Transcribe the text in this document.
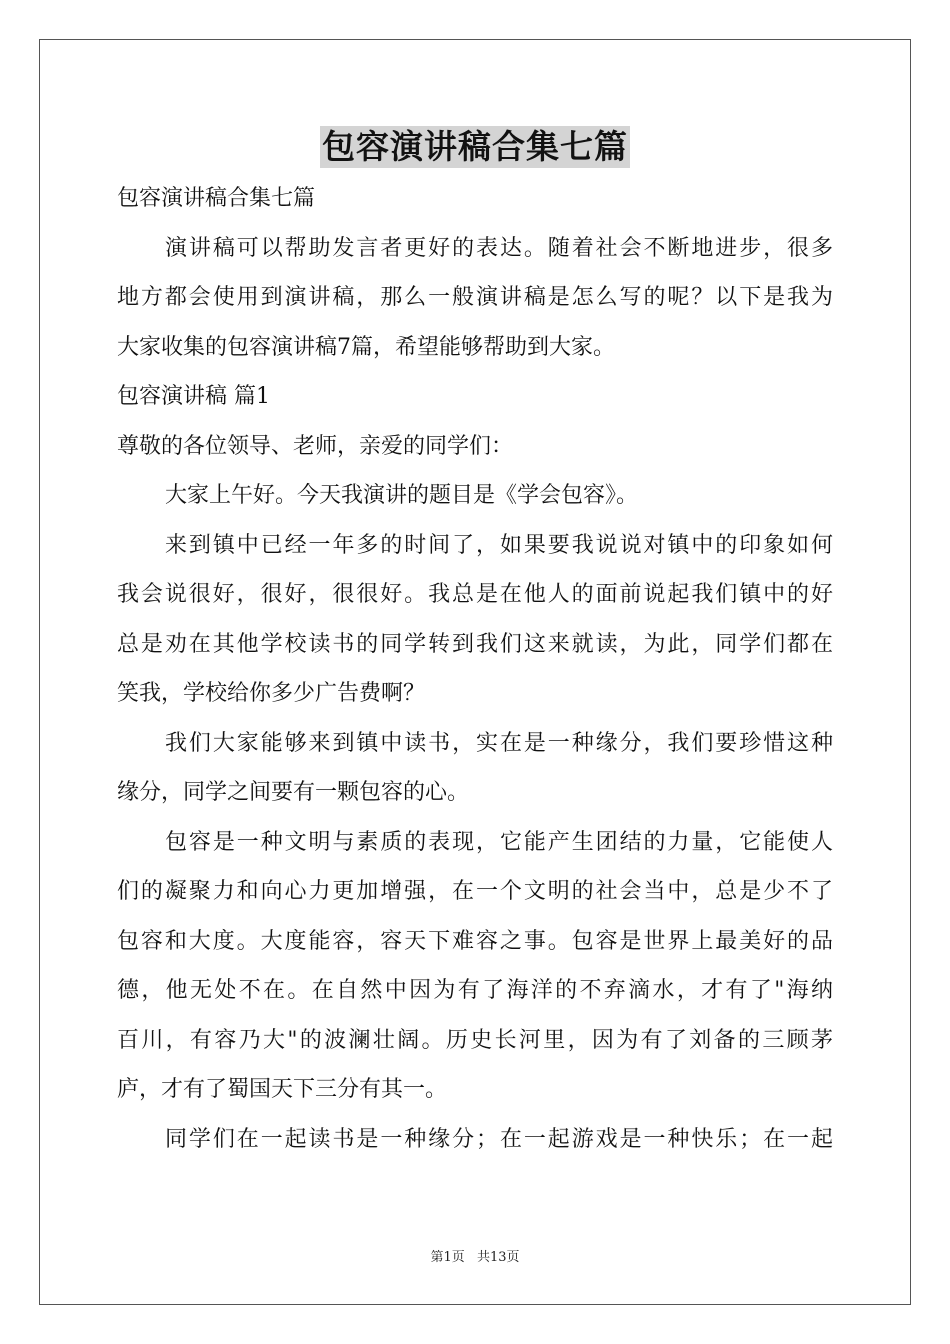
包容演讲稿合集七篇
包容演讲稿合集七篇
演讲稿可以帮助发言者更好的表达。随着社会不断地进步，很多
地方都会使用到演讲稿，那么一般演讲稿是怎么写的呢？以下是我为
大家收集的包容演讲稿7篇，希望能够帮助到大家。
包容演讲稿 篇1
尊敬的各位领导、老师，亲爱的同学们：
大家上午好。今天我演讲的题目是《学会包容》。
来到镇中已经一年多的时间了，如果要我说说对镇中的印象如何
我会说很好，很好，很很好。我总是在他人的面前说起我们镇中的好
总是劝在其他学校读书的同学转到我们这来就读，为此，同学们都在
笑我，学校给你多少广告费啊？
我们大家能够来到镇中读书，实在是一种缘分，我们要珍惜这种
缘分，同学之间要有一颗包容的心。
包容是一种文明与素质的表现，它能产生团结的力量，它能使人
们的凝聚力和向心力更加增强，在一个文明的社会当中，总是少不了
包容和大度。大度能容，容天下难容之事。包容是世界上最美好的品
德，他无处不在。在自然中因为有了海洋的不弃滴水，才有了"海纳
百川，有容乃大"的波澜壮阔。历史长河里，因为有了刘备的三顾茅
庐，才有了蜀国天下三分有其一。
同学们在一起读书是一种缘分；在一起游戏是一种快乐；在一起
第1页 共13页
